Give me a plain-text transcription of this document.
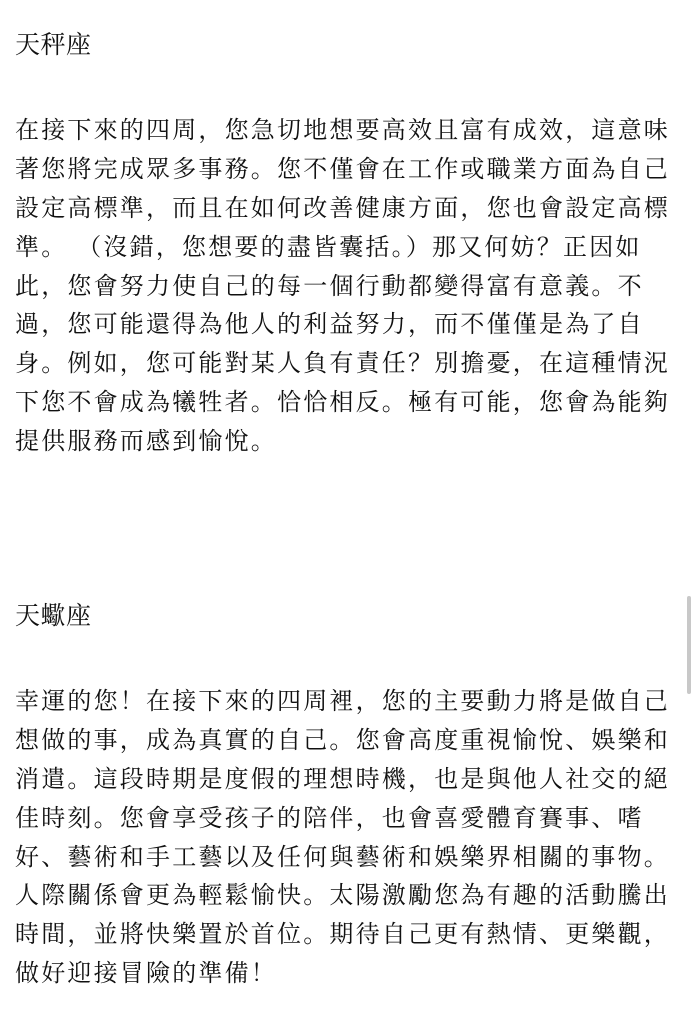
天秤座
在接下來的四周，您急切地想要高效且富有成效，這意味
著您將完成眾多事務。您不僅會在工作或職業方面為自己
設定高標準，而且在如何改善健康方面，您也會設定高標
準。 （沒錯，您想要的盡皆囊括。）那又何妨？正因如
此，您會努力使自己的每一個行動都變得富有意義。不
過，您可能還得為他人的利益努力，而不僅僅是為了自
身。例如，您可能對某人負有責任？別擔憂，在這種情況
下您不會成為犧牲者。恰恰相反。極有可能，您會為能夠
提供服務而感到愉悅。
天蠍座
幸運的您！在接下來的四周裡，您的主要動力將是做自己
想做的事，成為真實的自己。您會高度重視愉悅、娛樂和
消遣。這段時期是度假的理想時機，也是與他人社交的絕
佳時刻。您會享受孩子的陪伴，也會喜愛體育賽事、嗜
好、藝術和手工藝以及任何與藝術和娛樂界相關的事物。
人際關係會更為輕鬆愉快。太陽激勵您為有趣的活動騰出
時間，並將快樂置於首位。期待自己更有熱情、更樂觀，
做好迎接冒險的準備！
